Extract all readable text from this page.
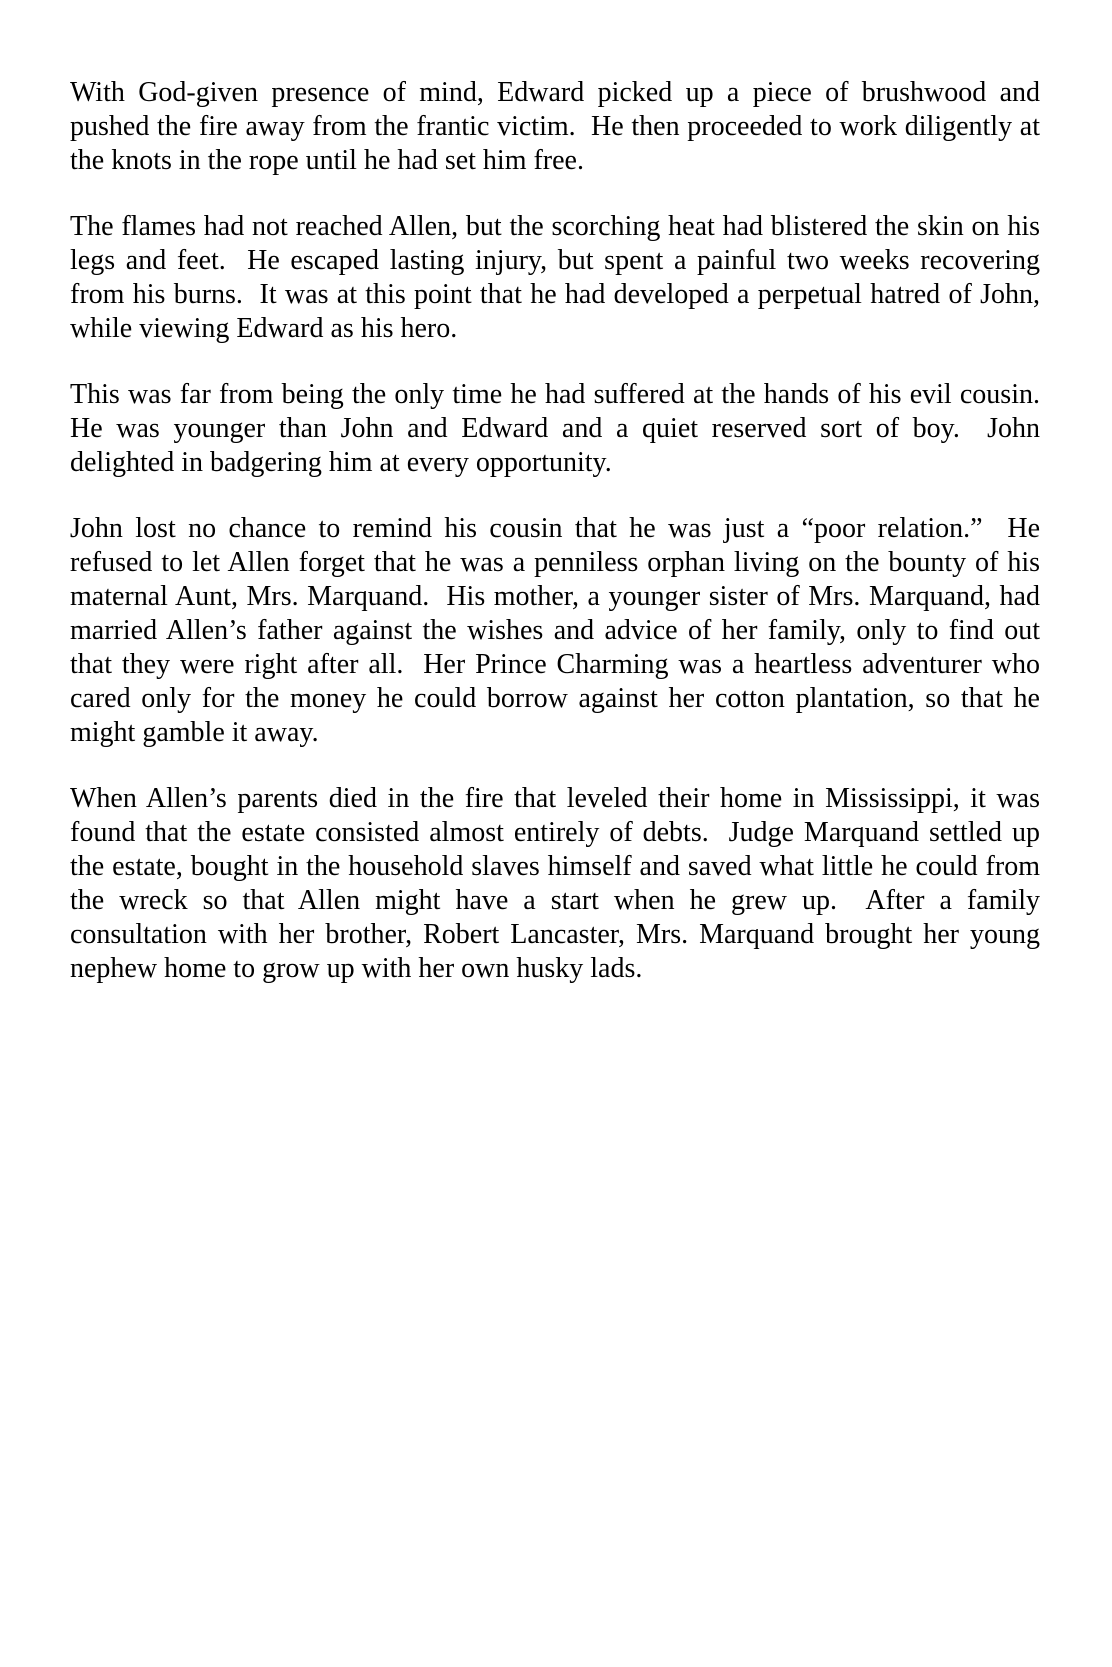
With God-given presence of mind, Edward picked up a piece of brushwood and pushed the fire away from the frantic victim.  He then proceeded to work diligently at the knots in the rope until he had set him free.

The flames had not reached Allen, but the scorching heat had blistered the skin on his legs and feet.  He escaped lasting injury, but spent a painful two weeks recovering from his burns.  It was at this point that he had developed a perpetual hatred of John, while viewing Edward as his hero.

This was far from being the only time he had suffered at the hands of his evil cousin.  He was younger than John and Edward and a quiet reserved sort of boy.  John delighted in badgering him at every opportunity.

John lost no chance to remind his cousin that he was just a “poor relation.”  He refused to let Allen forget that he was a penniless orphan living on the bounty of his maternal Aunt, Mrs. Marquand.  His mother, a younger sister of Mrs. Marquand, had married Allen’s father against the wishes and advice of her family, only to find out that they were right after all.  Her Prince Charming was a heartless adventurer who cared only for the money he could borrow against her cotton plantation, so that he might gamble it away.

When Allen’s parents died in the fire that leveled their home in Mississippi, it was found that the estate consisted almost entirely of debts.  Judge Marquand settled up the estate, bought in the household slaves himself and saved what little he could from the wreck so that Allen might have a start when he grew up.  After a family consultation with her brother, Robert Lancaster, Mrs. Marquand brought her young nephew home to grow up with her own husky lads.
